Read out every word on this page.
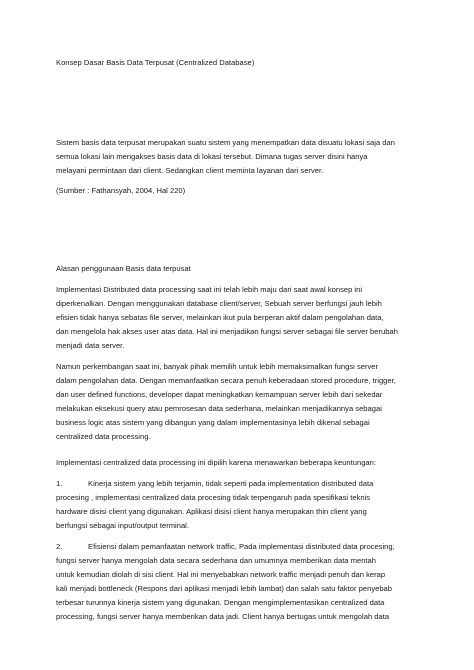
Konsep Dasar Basis Data Terpusat (Centralized Database)

Sistem basis data terpusat merupakan suatu sistem yang menempatkan data disuatu lokasi saja dan

semua lokasi lain mengakses basis data di lokasi tersebut. Dimana tugas server disini hanya

melayani permintaan dari client. Sedangkan client meminta layanan dari server.

(Sumber : Fathansyah, 2004, Hal 220)

Alasan penggunaan Basis data terpusat

Implementasi Distributed data processing saat ini telah lebih maju dari saat awal konsep ini

diperkenalkan. Dengan menggunakan database client/server, Sebuah server berfungsi jauh lebih

efisien tidak hanya sebatas file server, melainkan ikut pula berperan aktif dalam pengolahan data,

dan mengelola hak akses user atas data. Hal ini menjadikan fungsi server sebagai file server berubah

menjadi data server.

Namun perkembangan saat ini, banyak pihak memilih untuk lebih memaksimalkan fungsi server

dalam pengolahan data. Dengan memanfaatkan secara penuh keberadaan stored procedure, trigger,

dan user defined functions, developer dapat meningkatkan kemampuan server lebih dari sekedar

melakukan eksekusi query atau pemrosesan data sederhana, melainkan menjadikannya sebagai

business logic atas sistem yang dibangun yang dalam implementasinya lebih dikenal sebagai

centralized data processing.

Implementasi centralized data processing ini dipilih karena menawarkan beberapa keuntungan:

1.	Kinerja sistem yang lebih terjamin, tidak seperti pada implementation distributed data

procesing , implementasi centralized data procesing tidak terpengaruh pada spesifikasi teknis

hardware disisi client yang digunakan. Aplikasi disisi client hanya merupakan thin client yang

berfungsi sebagai input/output terminal.

2.	Efisiensi dalam pemanfaatan network traffic, Pada implementasi distributed data procesing,

fungsi server hanya mengolah data secara sederhana dan umumnya memberikan data mentah

untuk kemudian diolah di sisi client. Hal ini menyebabkan network traffic menjadi penuh dan kerap

kali menjadi bottleneck (Respons dari aplikasi menjadi lebih lambat) dan salah satu faktor penyebab

terbesar turunnya kinerja sistem yang digunakan. Dengan mengimplementasikan centralized data

processing, fungsi server hanya memberikan data jadi. Client hanya bertugas untuk mengolah data
